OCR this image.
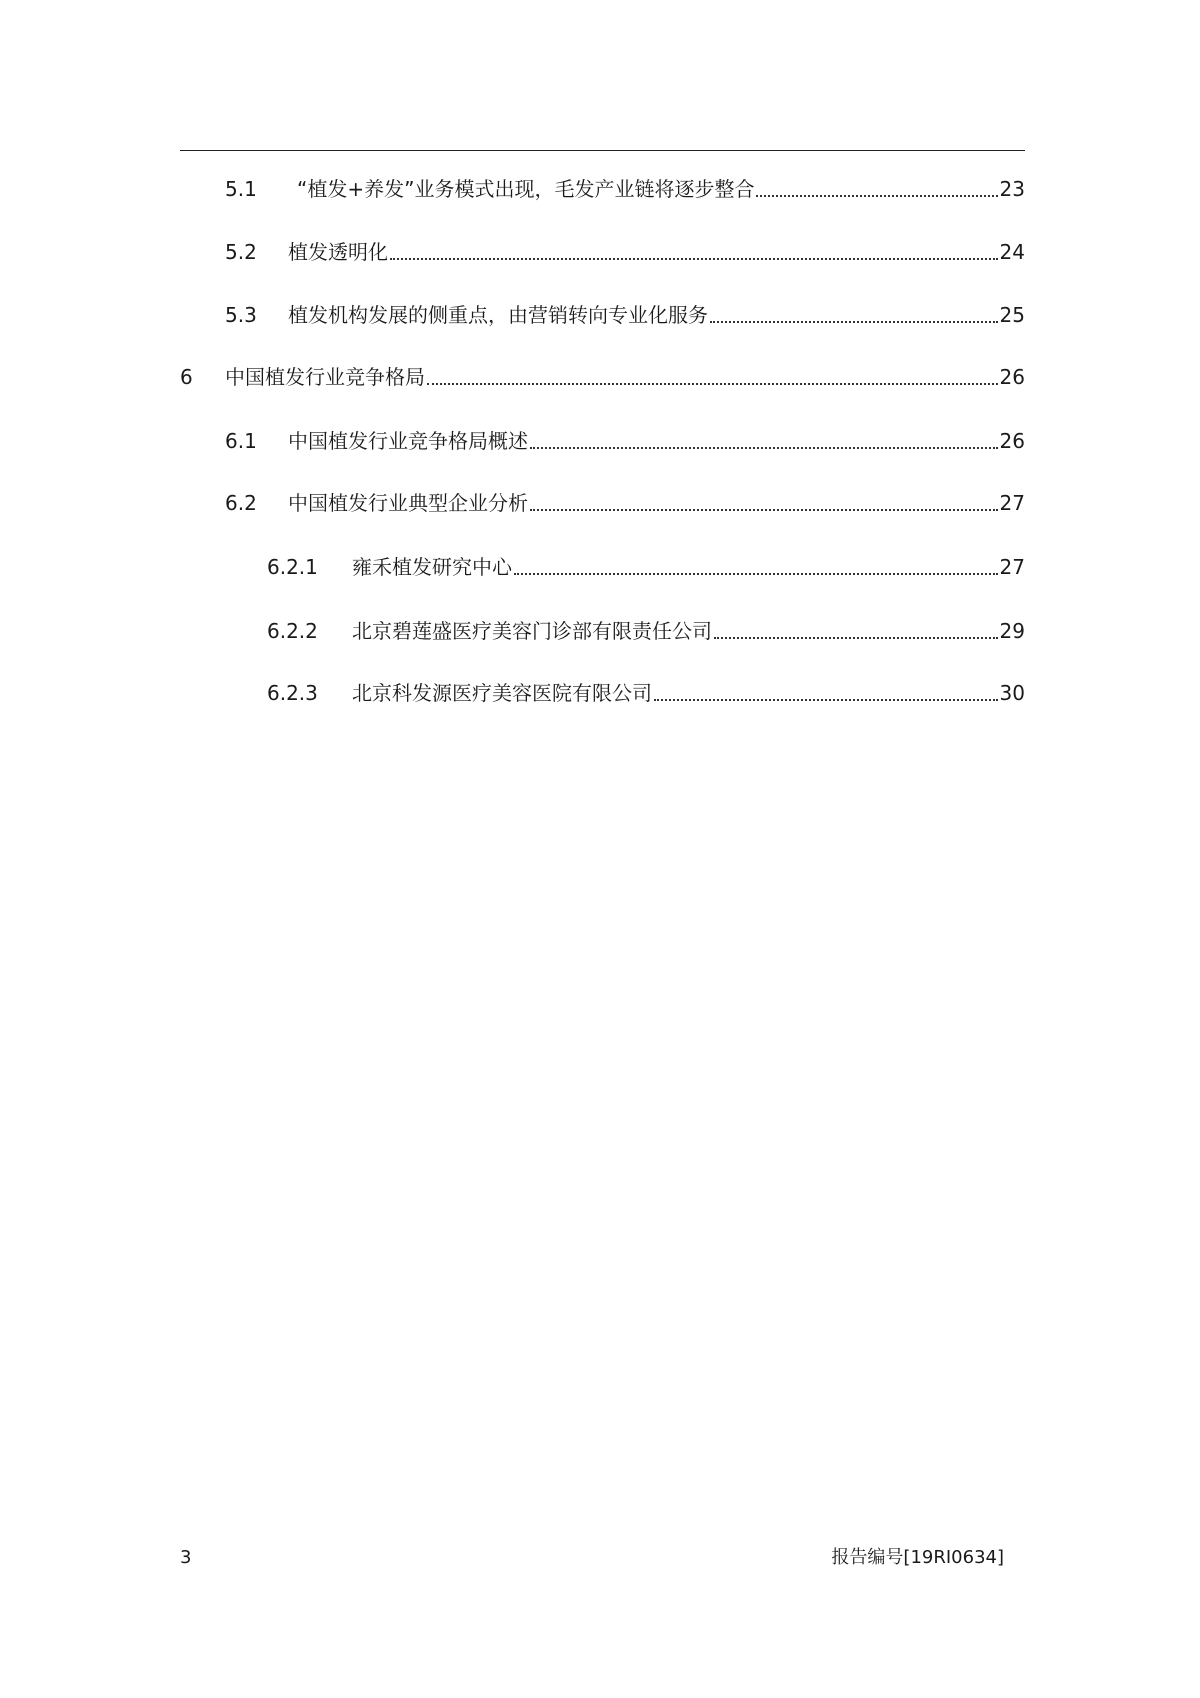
5.1	“植发+养发”业务模式出现，毛发产业链将逐步整合	23
5.2	植发透明化	24
5.3	植发机构发展的侧重点，由营销转向专业化服务	25
6	中国植发行业竞争格局	26
6.1	中国植发行业竞争格局概述	26
6.2	中国植发行业典型企业分析	27
6.2.1	雍禾植发研究中心	27
6.2.2	北京碧莲盛医疗美容门诊部有限责任公司	29
6.2.3	北京科发源医疗美容医院有限公司	30
3	报告编号[19RI0634]
